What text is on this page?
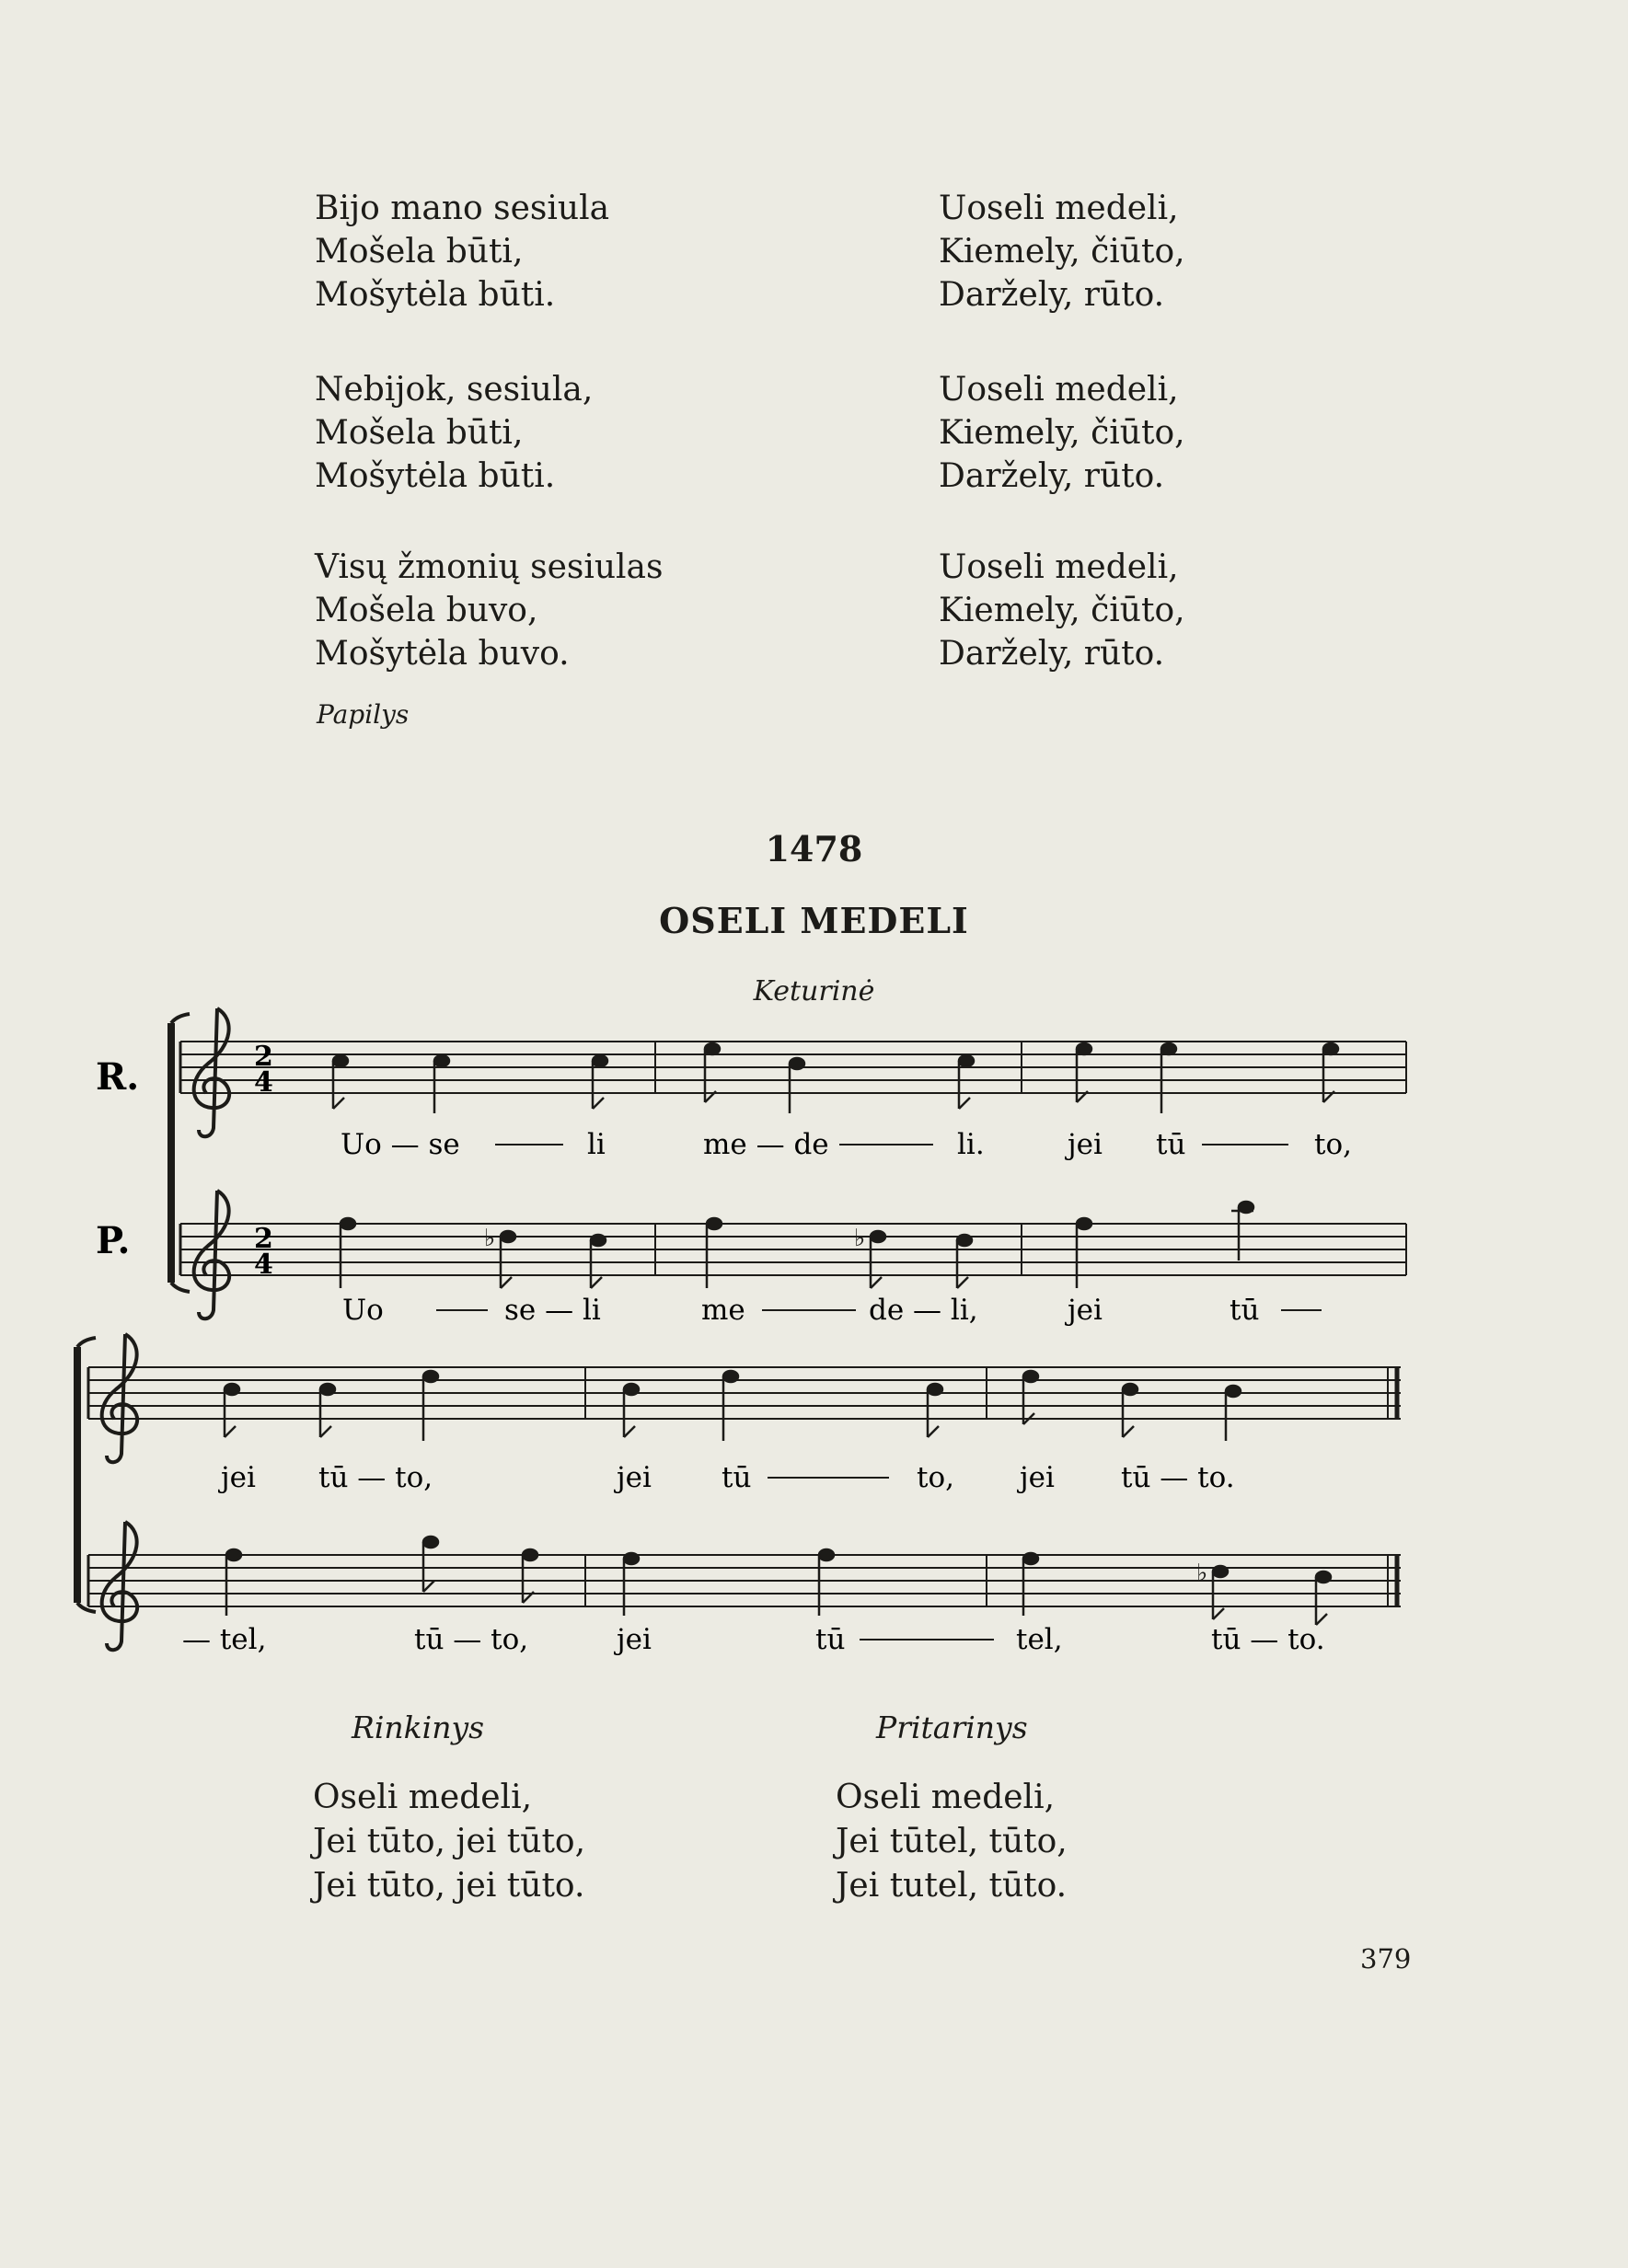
Bijo mano sesiula
Mošela būti,
Mošytėla būti.
Uoseli medeli,
Kiemely, čiūto,
Daržely, rūto.
Nebijok, sesiula,
Mošela būti,
Mošytėla būti.
Uoseli medeli,
Kiemely, čiūto,
Daržely, rūto.
Visų žmonių sesiulas
Mošela buvo,
Mošytėla buvo.
Uoseli medeli,
Kiemely, čiūto,
Daržely, rūto.
Papilys
1478
OSELI MEDELI
Keturinė
R.
P.
2
4
Uo — se	li	me — de	li.	jei tū	to,
2
4
♭	♭
Uo	se — li	me	de — li,	jei	tū
jei tū — to,	jei tū	to, jei tū — to.
♭
— tel,	tū — to,	jei	tū	tel,	tū — to.
Rinkinys	Pritarinys
Oseli medeli,
Jei tūto, jei tūto,
Jei tūto, jei tūto.
Oseli medeli,
Jei tūtel, tūto,
Jei tutel, tūto.
379
